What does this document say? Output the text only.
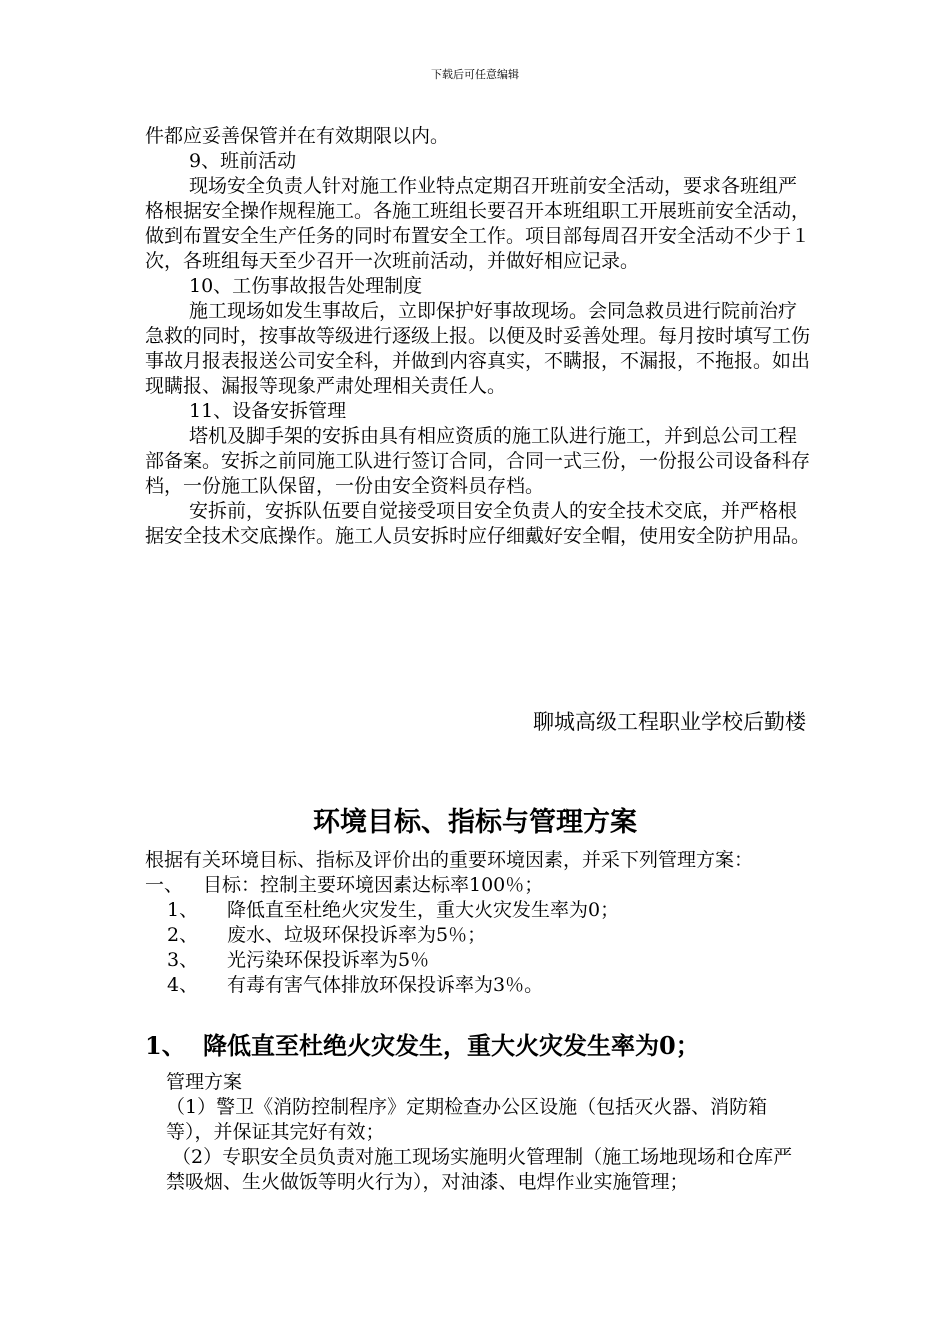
下载后可任意编辑

件都应妥善保管并在有效期限以内。

9、班前活动

现场安全负责人针对施工作业特点定期召开班前安全活动，要求各班组严格根据安全操作规程施工。各施工班组长要召开本班组职工开展班前安全活动，做到布置安全生产任务的同时布置安全工作。项目部每周召开安全活动不少于１次，各班组每天至少召开一次班前活动，并做好相应记录。

10、工伤事故报告处理制度

施工现场如发生事故后，立即保护好事故现场。会同急救员进行院前治疗急救的同时，按事故等级进行逐级上报。以便及时妥善处理。每月按时填写工伤事故月报表报送公司安全科，并做到内容真实，不瞒报，不漏报，不拖报。如出现瞒报、漏报等现象严肃处理相关责任人。

11、设备安拆管理

塔机及脚手架的安拆由具有相应资质的施工队进行施工，并到总公司工程部备案。安拆之前同施工队进行签订合同，合同一式三份，一份报公司设备科存档，一份施工队保留，一份由安全资料员存档。

安拆前，安拆队伍要自觉接受项目安全负责人的安全技术交底，并严格根据安全技术交底操作。施工人员安拆时应仔细戴好安全帽，使用安全防护用品。

聊城高级工程职业学校后勤楼
环境目标、指标与管理方案

根据有关环境目标、指标及评价出的重要环境因素，并采下列管理方案：

一、 目标：控制主要环境因素达标率100％；

1、 降低直至杜绝火灾发生，重大火灾发生率为0；

2、 废水、垃圾环保投诉率为5％；

3、 光污染环保投诉率为5％

4、 有毒有害气体排放环保投诉率为3％。

1、 降低直至杜绝火灾发生，重大火灾发生率为0；

管理方案

（1）警卫《消防控制程序》定期检查办公区设施（包括灭火器、消防箱等），并保证其完好有效；

（2）专职安全员负责对施工现场实施明火管理制（施工场地现场和仓库严禁吸烟、生火做饭等明火行为），对油漆、电焊作业实施管理；
